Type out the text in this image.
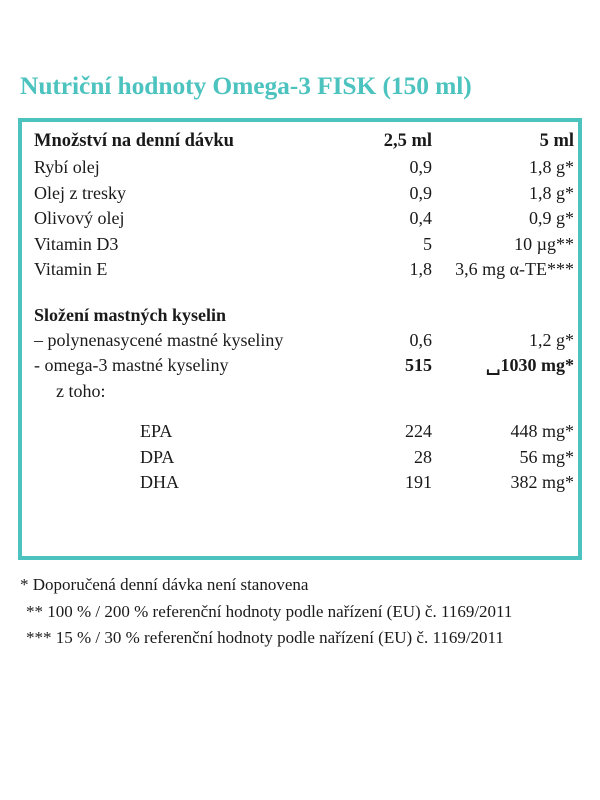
Nutriční hodnoty Omega-3 FISK (150 ml)
Množství na denní dávku	2,5 ml	5 ml
Rybí olej	0,9	1,8 g*
Olej z tresky	0,9	1,8 g*
Olivový olej	0,4	0,9 g*
Vitamin D3	5	10 µg**
Vitamin E	1,8	3,6 mg α-TE***

Složení mastných kyselin		
– polynenasycené mastné kyseliny	0,6	1,2 g*
- omega-3 mastné kyseliny	515	␣1030 mg*
z toho:		

EPA	224	448 mg*
DPA	28	56 mg*
DHA	191	382 mg*

* Doporučená denní dávka není stanovena

** 100 % / 200 % referenční hodnoty podle nařízení (EU) č. 1169/2011

*** 15 % / 30 % referenční hodnoty podle nařízení (EU) č. 1169/2011
